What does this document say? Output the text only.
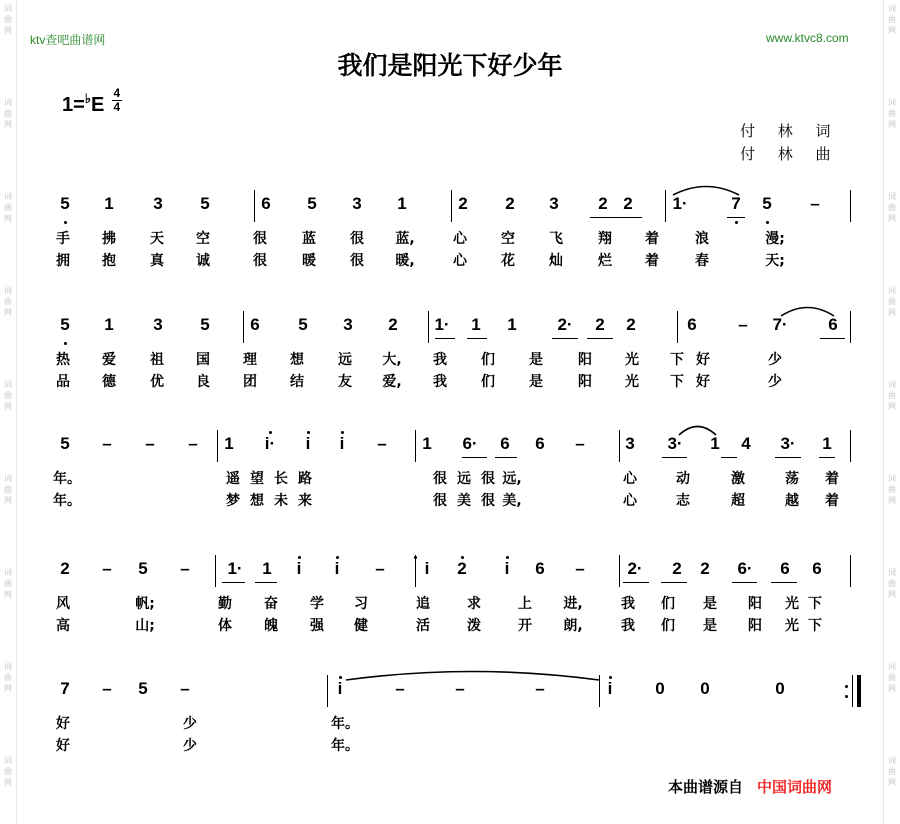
词
曲
网
词
曲
网
词
曲
网
词
曲
网
词
曲
网
词
曲
网
词
曲
网
词
曲
网
词
曲
网
词
曲
网
词
曲
网
词
曲
网
词
曲
网
词
曲
网
词
曲
网
词
曲
网
词
曲
网
词
曲
网
ktv查吧曲谱网	www.ktvc8.com
我们是阳光下好少年
$1=^♭E \frac{4}{4}$
付 林 词
付 林 曲
5 1 3 5	6 5 3 1	2 2 3 2 2 1·	7 5 –
手 拂 天 空	很	蓝 很 蓝,	心 空 飞	翔 着	浪	漫;
拥 抱 真 诚	很	暖 很 暖,	心 花 灿	烂 着	春	天;
5 1 3 5 6 5 3 2 1· 1 1 2· 2 2	6 – 7· 6
热 爱 祖 国 理 想 远 大, 我 们 是	阳 光 下 好	少
品 德 优 良 团 结 友 爱, 我 们 是	阳 光 下 好	少
5 – – – 1 i· i i – 1 6· 6 6 – 3 3· 1 4 3· 1
年。	遥 望 长 路	很 远 很 远,	心	动	激	荡 着
年。	梦 想 未 来	很 美 很 美,	心	志	超	越 着
2 – 5 – 1· 1 i i – i 2 i 6 –	2· 2 2 6· 6 6
风	帆;	勤 奋 学 习	追	求	上 进,	我 们 是 阳 光 下
高	山;	体 魄 强 健	活	泼	开 朗,	我 们 是 阳 光 下
7 – 5 –	i	–	–	–	i	0 0	0
好	少	年。
好	少	年。
本曲谱源自 中国词曲网
